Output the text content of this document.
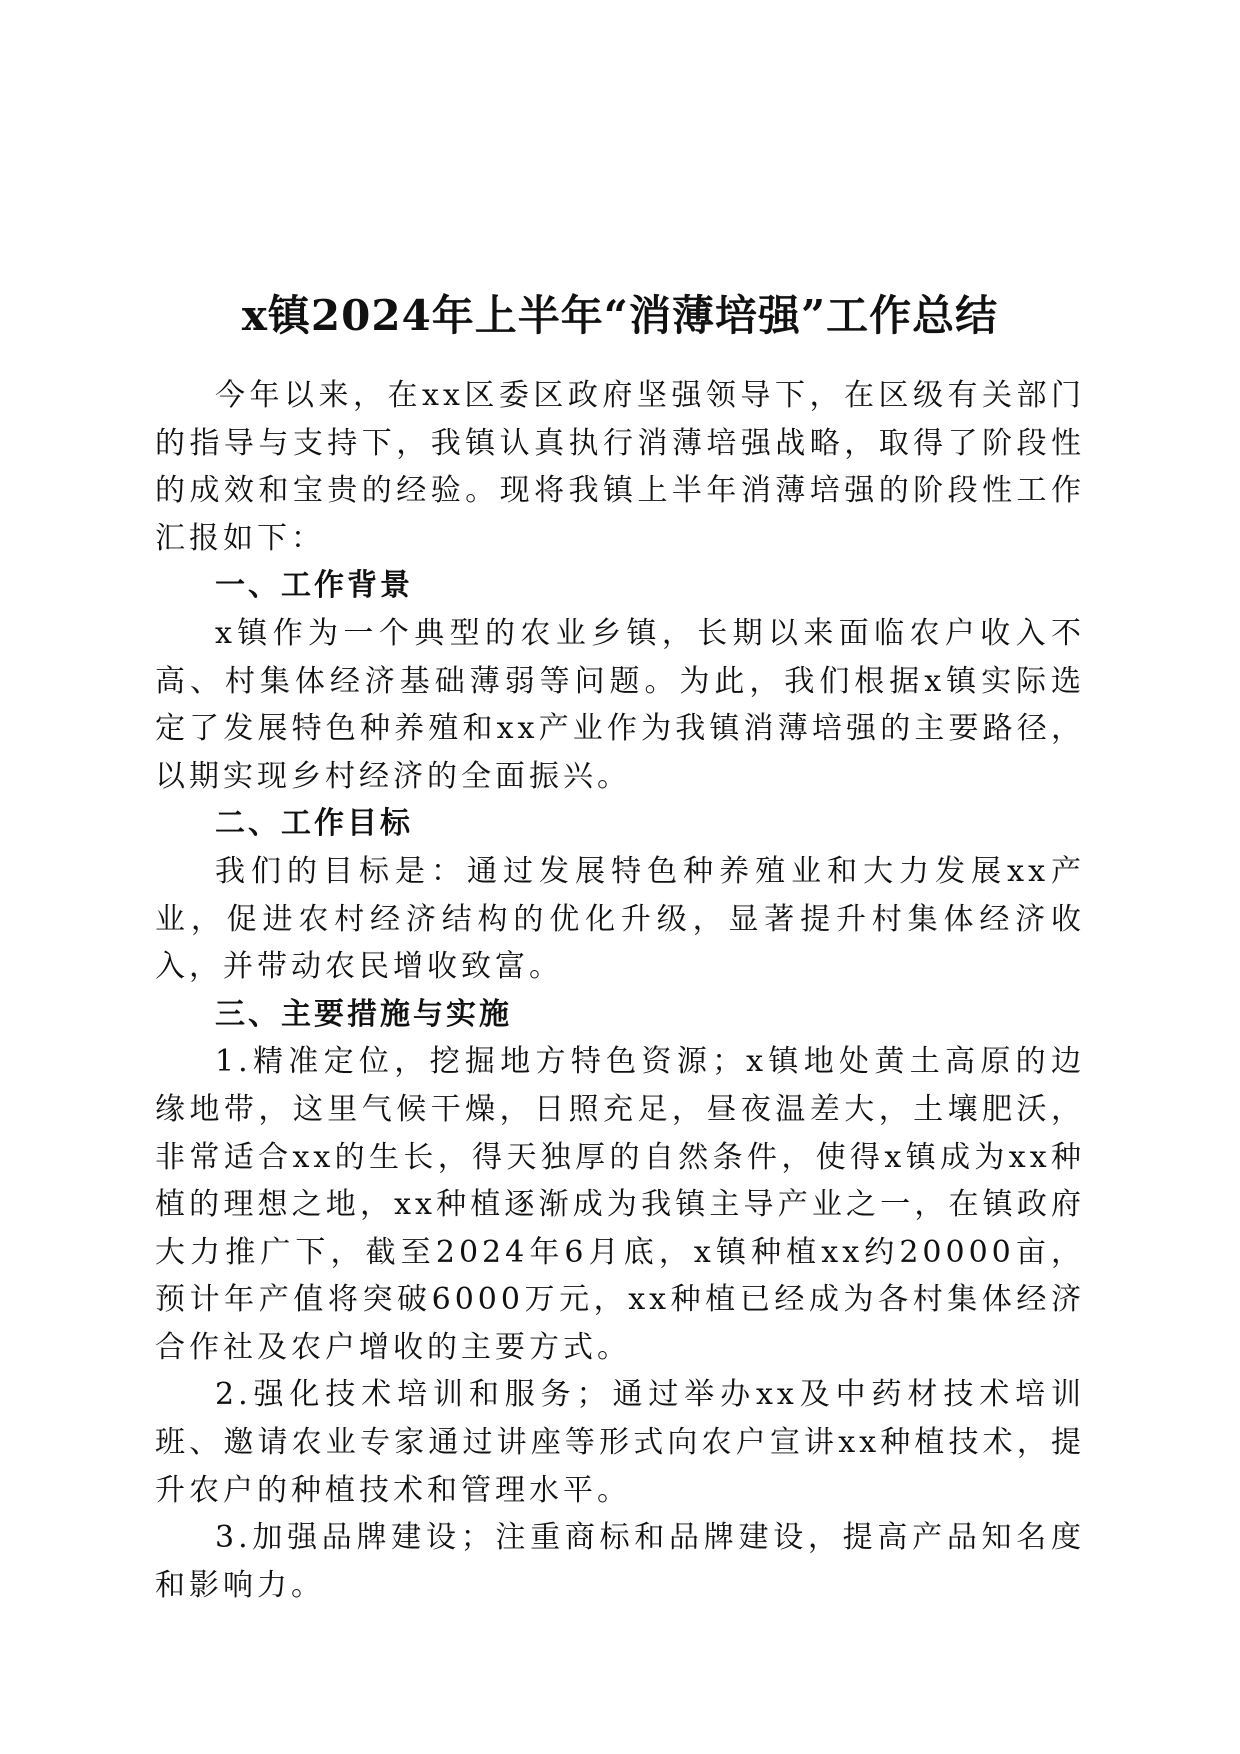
x镇2024年上半年“消薄培强”工作总结

今年以来，在xx区委区政府坚强领导下，在区级有关部门的指导与支持下，我镇认真执行消薄培强战略，取得了阶段性的成效和宝贵的经验。现将我镇上半年消薄培强的阶段性工作汇报如下：

一、工作背景

x镇作为一个典型的农业乡镇，长期以来面临农户收入不高、村集体经济基础薄弱等问题。为此，我们根据x镇实际选定了发展特色种养殖和xx产业作为我镇消薄培强的主要路径，以期实现乡村经济的全面振兴。

二、工作目标

我们的目标是：通过发展特色种养殖业和大力发展xx产业，促进农村经济结构的优化升级，显著提升村集体经济收入，并带动农民增收致富。

三、主要措施与实施

1.精准定位，挖掘地方特色资源；x镇地处黄土高原的边缘地带，这里气候干燥，日照充足，昼夜温差大，土壤肥沃，非常适合xx的生长，得天独厚的自然条件，使得x镇成为xx种植的理想之地，xx种植逐渐成为我镇主导产业之一，在镇政府大力推广下，截至2024年6月底，x镇种植xx约20000亩，预计年产值将突破6000万元，xx种植已经成为各村集体经济合作社及农户增收的主要方式。

2.强化技术培训和服务；通过举办xx及中药材技术培训班、邀请农业专家通过讲座等形式向农户宣讲xx种植技术，提升农户的种植技术和管理水平。

3.加强品牌建设；注重商标和品牌建设，提高产品知名度和影响力。
